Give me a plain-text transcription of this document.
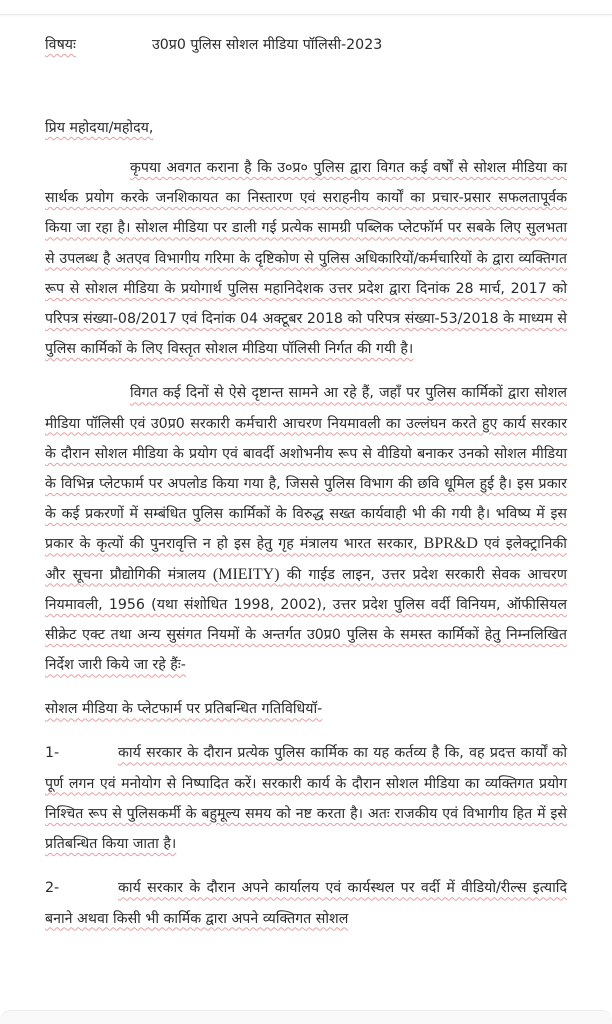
विषयः	उ0प्र0 पुलिस सोशल मीडिया पॉलिसी-2023
प्रिय महोदया/महोदय,

कृपया अवगत कराना है कि उ०प्र० पुलिस द्वारा विगत कई वर्षों से सोशल मीडिया का सार्थक प्रयोग करके जनशिकायत का निस्तारण एवं सराहनीय कार्यों का प्रचार-प्रसार सफलतापूर्वक किया जा रहा है। सोशल मीडिया पर डाली गई प्रत्येक सामग्री पब्लिक प्लेटफॉर्म पर सबके लिए सुलभता से उपलब्ध है अतएव विभागीय गरिमा के दृष्टिकोण से पुलिस अधिकारियों/कर्मचारियों के द्वारा व्यक्तिगत रूप से सोशल मीडिया के प्रयोगार्थ पुलिस महानिदेशक उत्तर प्रदेश द्वारा दिनांक 28 मार्च, 2017 को परिपत्र संख्या-08/2017 एवं दिनांक 04 अक्टूबर 2018 को परिपत्र संख्या-53/2018 के माध्यम से पुलिस कार्मिकों के लिए विस्तृत सोशल मीडिया पॉलिसी निर्गत की गयी है।

विगत कई दिनों से ऐसे दृष्टान्त सामने आ रहे हैं, जहाँ पर पुलिस कार्मिकों द्वारा सोशल मीडिया पॉलिसी एवं उ0प्र0 सरकारी कर्मचारी आचरण नियमावली का उल्लंघन करते हुए कार्य सरकार के दौरान सोशल मीडिया के प्रयोग एवं बावर्दी अशोभनीय रूप से वीडियो बनाकर उनको सोशल मीडिया के विभिन्न प्लेटफार्म पर अपलोड किया गया है, जिससे पुलिस विभाग की छवि धूमिल हुई है। इस प्रकार के कई प्रकरणों में सम्बंधित पुलिस कार्मिकों के विरुद्ध सख्त कार्यवाही भी की गयी है। भविष्य में इस प्रकार के कृत्यों की पुनरावृत्ति न हो इस हेतु गृह मंत्रालय भारत सरकार, BPR&D एवं इलेक्ट्रानिकी और सूचना प्रौद्योगिकी मंत्रालय (MIEITY) की गाईड लाइन, उत्तर प्रदेश सरकारी सेवक आचरण नियमावली, 1956 (यथा संशोधित 1998, 2002), उत्तर प्रदेश पुलिस वर्दी विनियम, ऑफीसियल सीक्रेट एक्ट तथा अन्य सुसंगत नियमों के अन्तर्गत उ0प्र0 पुलिस के समस्त कार्मिकों हेतु निम्नलिखित निर्देश जारी किये जा रहे हैंः-

सोशल मीडिया के प्लेटफार्म पर प्रतिबन्धित गतिविधियॉ-

1-	कार्य सरकार के दौरान प्रत्येक पुलिस कार्मिक का यह कर्तव्य है कि, वह प्रदत्त कार्यों को पूर्ण लगन एवं मनोयोग से निष्पादित करें। सरकारी कार्य के दौरान सोशल मीडिया का व्यक्तिगत प्रयोग निश्चित रूप से पुलिसकर्मी के बहुमूल्य समय को नष्ट करता है। अतः राजकीय एवं विभागीय हित में इसे प्रतिबन्धित किया जाता है।

2-	कार्य सरकार के दौरान अपने कार्यालय एवं कार्यस्थल पर वर्दी में वीडियो/रील्स इत्यादि बनाने अथवा किसी भी कार्मिक द्वारा अपने व्यक्तिगत सोशल
